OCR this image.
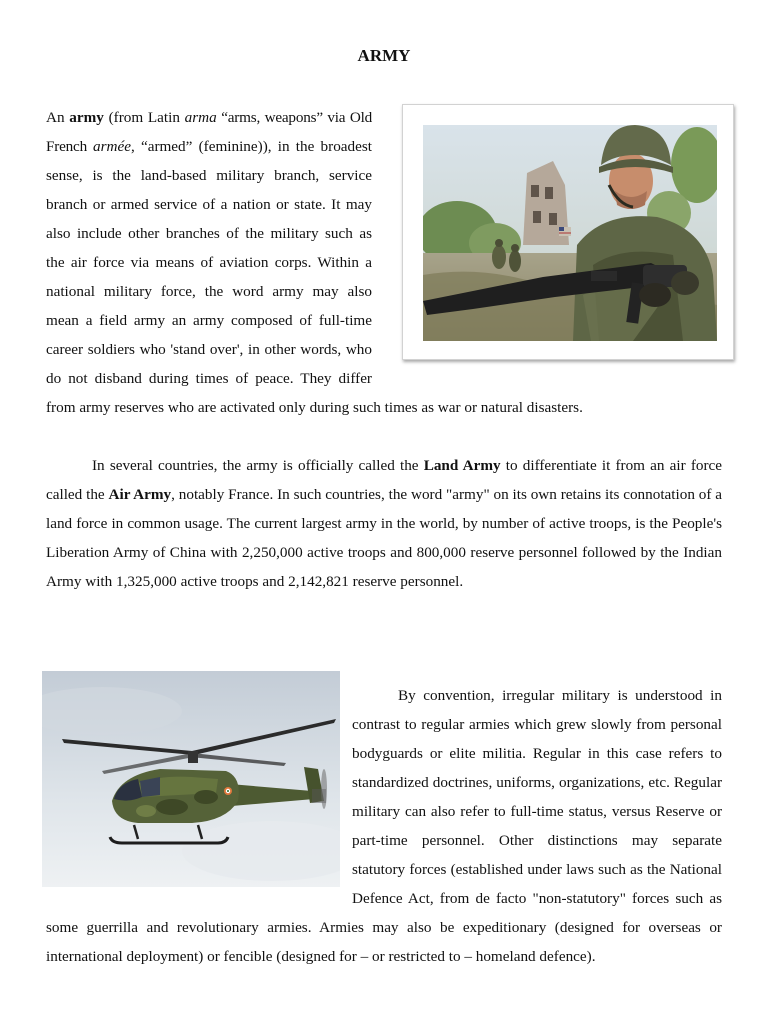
ARMY

An army (from Latin arma “arms, weapons” via Old French armée, “armed” (feminine)), in the broadest sense, is the land-based military branch, service branch or armed service of a nation or state. It may also include other branches of the military such as the air force via means of aviation corps. Within a national military force, the word army may also mean a field army an army composed of full-time career soldiers who 'stand over', in other words, who do not disband during times of peace. They differ from army reserves who are activated only during such times as war or natural disasters.

In several countries, the army is officially called the Land Army to differentiate it from an air force called the Air Army, notably France. In such countries, the word "army" on its own retains its connotation of a land force in common usage. The current largest army in the world, by number of active troops, is the People's Liberation Army of China with 2,250,000 active troops and 800,000 reserve personnel followed by the Indian Army with 1,325,000 active troops and 2,142,821 reserve personnel.

By convention, irregular military is understood in contrast to regular armies which grew slowly from personal bodyguards or elite militia. Regular in this case refers to standardized doctrines, uniforms, organizations, etc. Regular military can also refer to full-time status, versus Reserve or part-time personnel. Other distinctions may separate statutory forces (established under laws such as the National Defence Act, from de facto "non-statutory" forces such as some guerrilla and revolutionary armies. Armies may also be expeditionary (designed for overseas or international deployment) or fencible (designed for – or restricted to – homeland defence).
